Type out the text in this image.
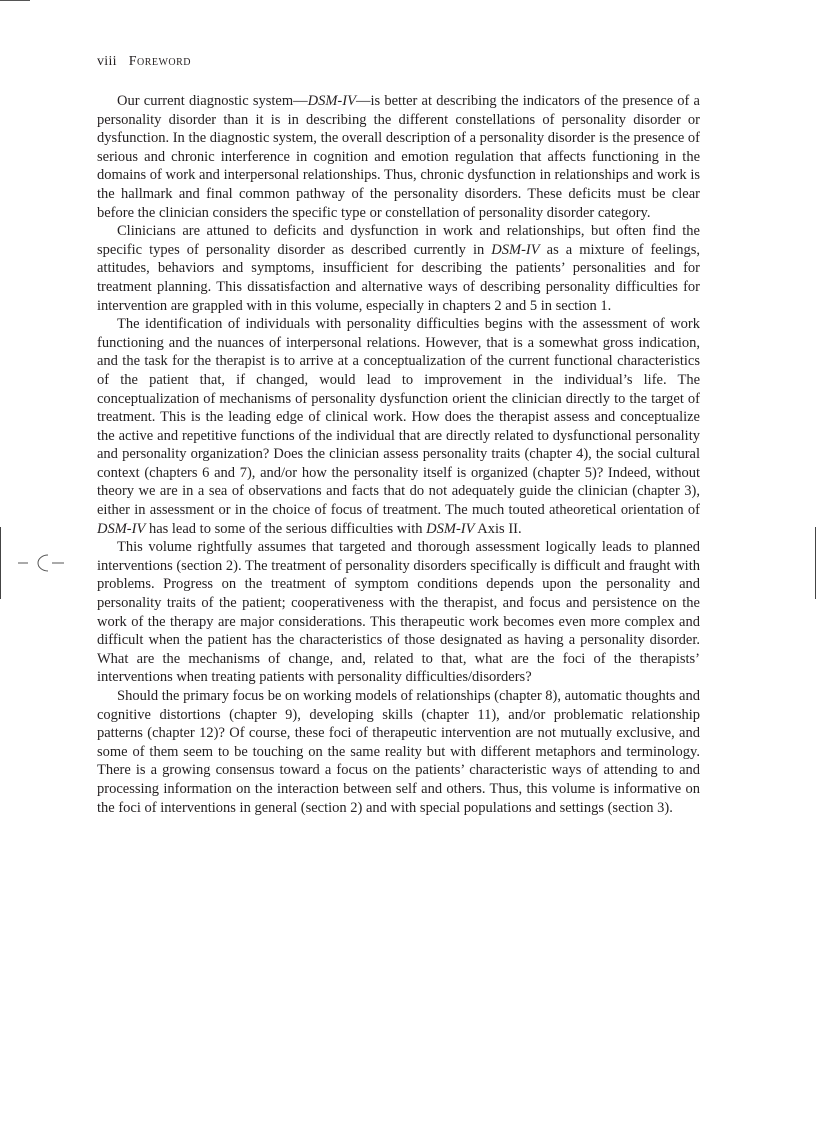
viii Foreword

Our current diagnostic system—DSM-IV—is better at describing the indicators of the presence of a personality disorder than it is in describing the different constellations of personality disorder or dysfunction. In the diagnostic system, the overall description of a personality disorder is the presence of serious and chronic interference in cognition and emotion regulation that affects functioning in the domains of work and interpersonal relationships. Thus, chronic dysfunction in relationships and work is the hallmark and final common pathway of the personality disorders. These deficits must be clear before the clinician considers the specific type or constellation of personality disorder category.

Clinicians are attuned to deficits and dysfunction in work and relationships, but often find the specific types of personality disorder as described currently in DSM-IV as a mixture of feelings, attitudes, behaviors and symptoms, insufficient for describing the patients’ personalities and for treatment planning. This dissatisfaction and alternative ways of describing personality difficulties for intervention are grappled with in this volume, especially in chapters 2 and 5 in section 1.

The identification of individuals with personality difficulties begins with the assessment of work functioning and the nuances of interpersonal relations. However, that is a somewhat gross indication, and the task for the therapist is to arrive at a conceptualization of the current functional characteristics of the patient that, if changed, would lead to improvement in the individual’s life. The conceptualization of mechanisms of personality dysfunction orient the clinician directly to the target of treatment. This is the leading edge of clinical work. How does the therapist assess and conceptualize the active and repetitive functions of the individual that are directly related to dysfunctional personality and personality organization? Does the clinician assess personality traits (chapter 4), the social cultural context (chapters 6 and 7), and/or how the personality itself is organized (chapter 5)? Indeed, without theory we are in a sea of observations and facts that do not adequately guide the clinician (chapter 3), either in assessment or in the choice of focus of treatment. The much touted atheoretical orientation of DSM-IV has lead to some of the serious difficulties with DSM-IV Axis II.

This volume rightfully assumes that targeted and thorough assessment logically leads to planned interventions (section 2). The treatment of personality disorders specifically is difficult and fraught with problems. Progress on the treatment of symptom conditions depends upon the personality and personality traits of the patient; cooperativeness with the therapist, and focus and persistence on the work of the therapy are major considerations. This therapeutic work becomes even more complex and difficult when the patient has the characteristics of those designated as having a personality disorder. What are the mechanisms of change, and, related to that, what are the foci of the therapists’ interventions when treating patients with personality difficulties/disorders?

Should the primary focus be on working models of relationships (chapter 8), automatic thoughts and cognitive distortions (chapter 9), developing skills (chapter 11), and/or problematic relationship patterns (chapter 12)? Of course, these foci of therapeutic intervention are not mutually exclusive, and some of them seem to be touching on the same reality but with different metaphors and terminology. There is a growing consensus toward a focus on the patients’ characteristic ways of attending to and processing information on the interaction between self and others. Thus, this volume is informative on the foci of interventions in general (section 2) and with special populations and settings (section 3).
